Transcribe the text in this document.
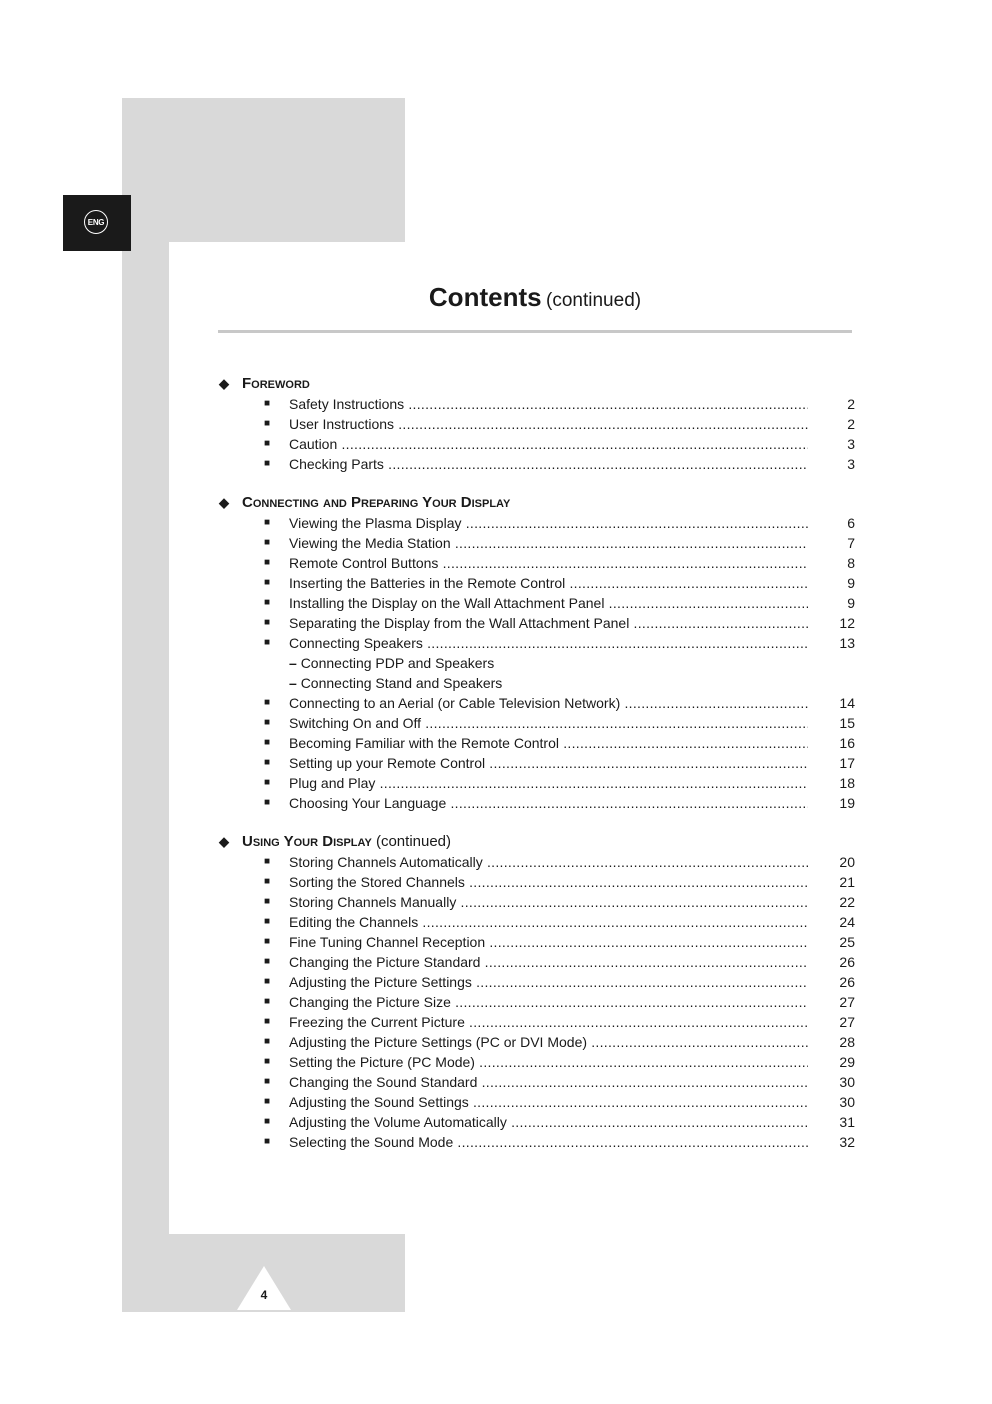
ENG
Contents (continued)
◆ Foreword
■ Safety Instructions .....	2
■ User Instructions .....	2
■ Caution .....	3
■ Checking Parts .....	3
◆ Connecting and Preparing Your Display
■ Viewing the Plasma Display .....	6
■ Viewing the Media Station .....	7
■ Remote Control Buttons .....	8
■ Inserting the Batteries in the Remote Control .....	9
■ Installing the Display on the Wall Attachment Panel .....	9
■ Separating the Display from the Wall Attachment Panel .....	12
■ Connecting Speakers .....	13
– Connecting PDP and Speakers
– Connecting Stand and Speakers
■ Connecting to an Aerial (or Cable Television Network) .....	14
■ Switching On and Off .....	15
■ Becoming Familiar with the Remote Control .....	16
■ Setting up your Remote Control .....	17
■ Plug and Play .....	18
■ Choosing Your Language .....	19
◆ Using Your Display (continued)
■ Storing Channels Automatically .....	20
■ Sorting the Stored Channels .....	21
■ Storing Channels Manually .....	22
■ Editing the Channels .....	24
■ Fine Tuning Channel Reception .....	25
■ Changing the Picture Standard .....	26
■ Adjusting the Picture Settings .....	26
■ Changing the Picture Size .....	27
■ Freezing the Current Picture .....	27
■ Adjusting the Picture Settings (PC or DVI Mode) .....	28
■ Setting the Picture (PC Mode) .....	29
■ Changing the Sound Standard .....	30
■ Adjusting the Sound Settings .....	30
■ Adjusting the Volume Automatically .....	31
■ Selecting the Sound Mode .....	32
4
